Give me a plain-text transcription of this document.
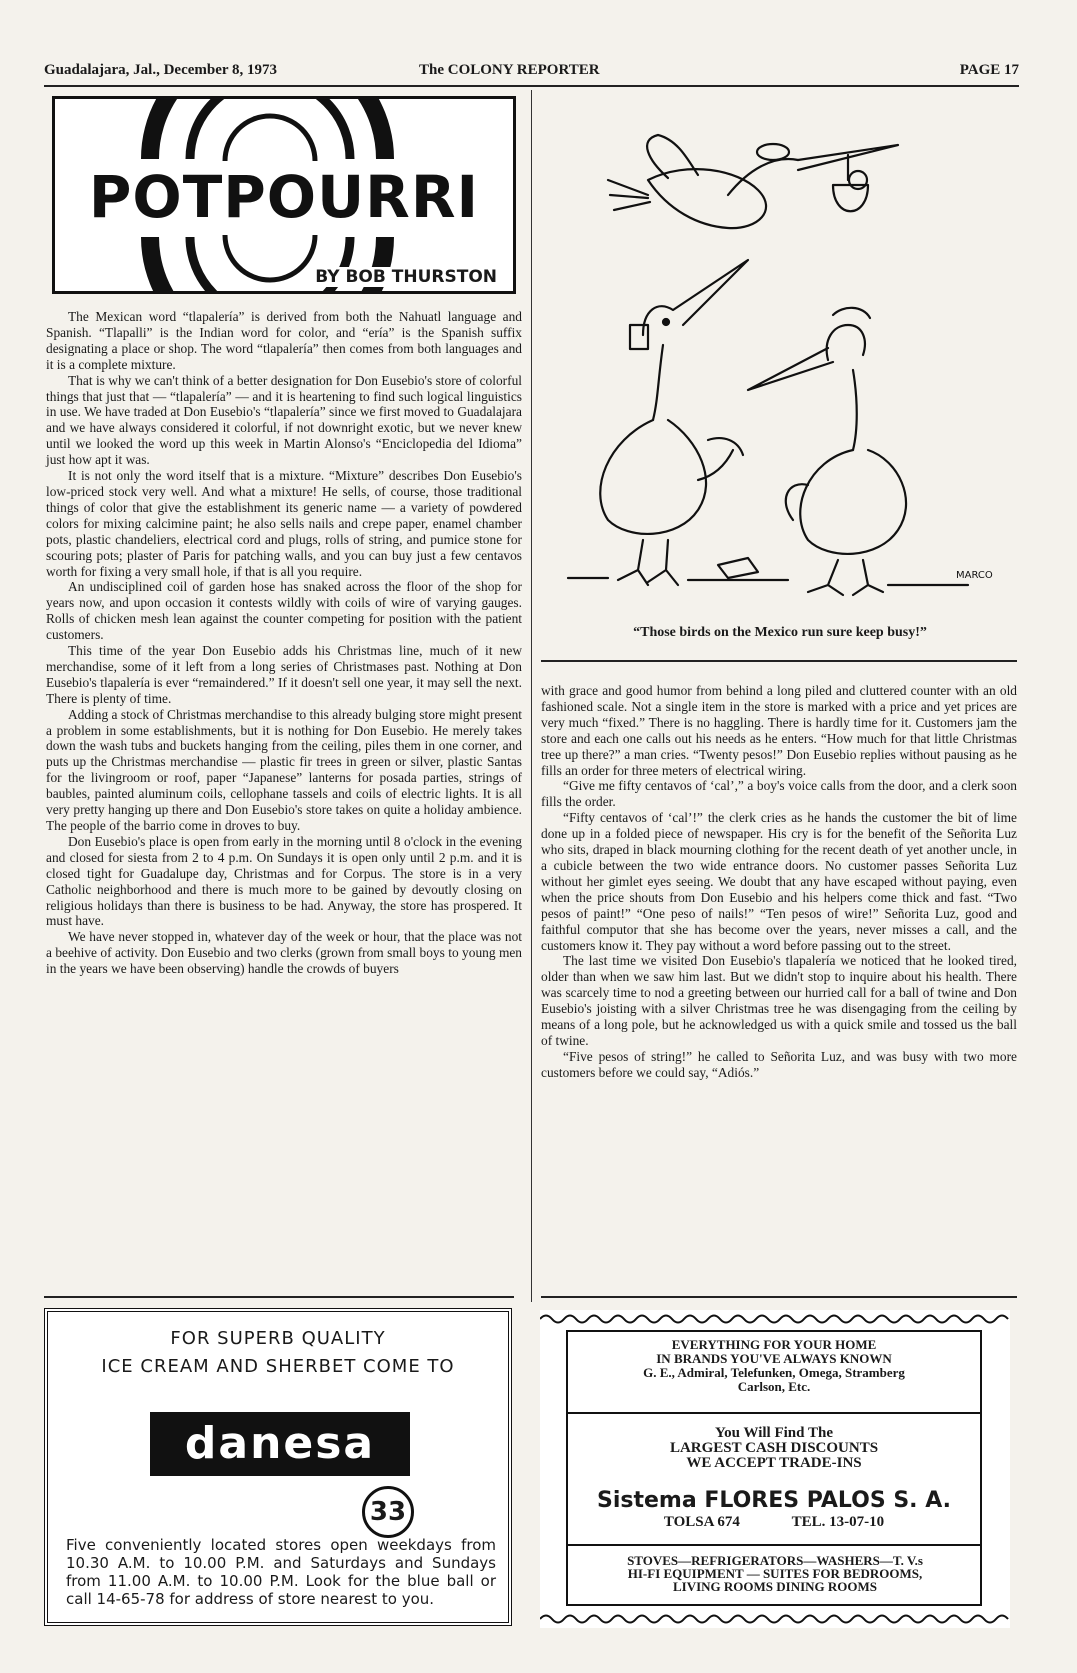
Guadalajara, Jal., December 8, 1973	The COLONY REPORTER	PAGE 17
POTPOURRI
BY BOB THURSTON

The Mexican word “tlapalería” is derived from both the Nahuatl language and Spanish. “Tlapalli” is the Indian word for color, and “ería” is the Spanish suffix designating a place or shop. The word “tlapalería” then comes from both languages and it is a complete mixture.

That is why we can't think of a better designation for Don Eusebio's store of colorful things that just that — “tlapalería” — and it is heartening to find such logical linguistics in use. We have traded at Don Eusebio's “tlapalería” since we first moved to Guadalajara and we have always considered it colorful, if not downright exotic, but we never knew until we looked the word up this week in Martin Alonso's “Enciclopedia del Idioma” just how apt it was.

It is not only the word itself that is a mixture. “Mixture” describes Don Eusebio's low-priced stock very well. And what a mixture! He sells, of course, those traditional things of color that give the establishment its generic name — a variety of powdered colors for mixing calcimine paint; he also sells nails and crepe paper, enamel chamber pots, plastic chandeliers, electrical cord and plugs, rolls of string, and pumice stone for scouring pots; plaster of Paris for patching walls, and you can buy just a few centavos worth for fixing a very small hole, if that is all you require.

An undisciplined coil of garden hose has snaked across the floor of the shop for years now, and upon occasion it contests wildly with coils of wire of varying gauges. Rolls of chicken mesh lean against the counter competing for position with the patient customers.

This time of the year Don Eusebio adds his Christmas line, much of it new merchandise, some of it left from a long series of Christmases past. Nothing at Don Eusebio's tlapalería is ever “remaindered.” If it doesn't sell one year, it may sell the next. There is plenty of time.

Adding a stock of Christmas merchandise to this already bulging store might present a problem in some establishments, but it is nothing for Don Eusebio. He merely takes down the wash tubs and buckets hanging from the ceiling, piles them in one corner, and puts up the Christmas merchandise — plastic fir trees in green or silver, plastic Santas for the livingroom or roof, paper “Japanese” lanterns for posada parties, strings of baubles, painted aluminum coils, cellophane tassels and coils of electric lights. It is all very pretty hanging up there and Don Eusebio's store takes on quite a holiday ambience. The people of the barrio come in droves to buy.

Don Eusebio's place is open from early in the morning until 8 o'clock in the evening and closed for siesta from 2 to 4 p.m. On Sundays it is open only until 2 p.m. and it is closed tight for Guadalupe day, Christmas and for Corpus. The store is in a very Catholic neighborhood and there is much more to be gained by devoutly closing on religious holidays than there is business to be had. Anyway, the store has prospered. It must have.

We have never stopped in, whatever day of the week or hour, that the place was not a beehive of activity. Don Eusebio and two clerks (grown from small boys to young men in the years we have been observing) handle the crowds of buyers

with grace and good humor from behind a long piled and cluttered counter with an old fashioned scale. Not a single item in the store is marked with a price and yet prices are very much “fixed.” There is no haggling. There is hardly time for it. Customers jam the store and each one calls out his needs as he enters. “How much for that little Christmas tree up there?” a man cries. “Twenty pesos!” Don Eusebio replies without pausing as he fills an order for three meters of electrical wiring.

“Give me fifty centavos of ‘cal’,” a boy's voice calls from the door, and a clerk soon fills the order.

“Fifty centavos of ‘cal’!” the clerk cries as he hands the customer the bit of lime done up in a folded piece of newspaper. His cry is for the benefit of the Señorita Luz who sits, draped in black mourning clothing for the recent death of yet another uncle, in a cubicle between the two wide entrance doors. No customer passes Señorita Luz without her gimlet eyes seeing. We doubt that any have escaped without paying, even when the price shouts from Don Eusebio and his helpers come thick and fast. “Two pesos of paint!” “One peso of nails!” “Ten pesos of wire!” Señorita Luz, good and faithful computor that she has become over the years, never misses a call, and the customers know it. They pay without a word before passing out to the street.

The last time we visited Don Eusebio's tlapalería we noticed that he looked tired, older than when we saw him last. But we didn't stop to inquire about his health. There was scarcely time to nod a greeting between our hurried call for a ball of twine and Don Eusebio's joisting with a silver Christmas tree he was disengaging from the ceiling by means of a long pole, but he acknowledged us with a quick smile and tossed us the ball of twine.

“Five pesos of string!” he called to Señorita Luz, and was busy with two more customers before we could say, “Adiós.”

MARCO
“Those birds on the Mexico run sure keep busy!”
FOR SUPERB QUALITY
ICE CREAM AND SHERBET COME TO
danesa
33
Five conveniently located stores open weekdays from 10.30 A.M. to 10.00 P.M. and Saturdays and Sundays from 11.00 A.M. to 10.00 P.M. Look for the blue ball or call 14-65-78 for address of store nearest to you.
EVERYTHING FOR YOUR HOME
IN BRANDS YOU'VE ALWAYS KNOWN
G. E., Admiral, Telefunken, Omega, Stramberg
Carlson, Etc.
You Will Find The
LARGEST CASH DISCOUNTS
WE ACCEPT TRADE-INS
Sistema FLORES PALOS S. A.
TOLSA 674	TEL. 13-07-10
STOVES—REFRIGERATORS—WASHERS—T. V.s
HI-FI EQUIPMENT — SUITES FOR BEDROOMS,
LIVING ROOMS DINING ROOMS
